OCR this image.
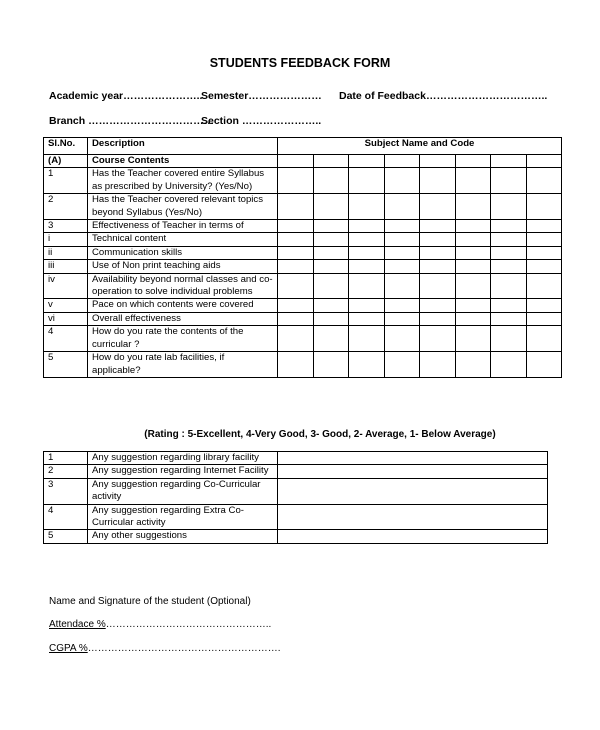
STUDENTS FEEDBACK FORM
Academic year…………………..
Semester………………… Date of Feedback……………………………..
Branch ………………………………
Section …………………..
Sl.No.	Description	Subject Name and Code							
(A)	Course Contents								
1	Has the Teacher covered entire Syllabus as prescribed by University? (Yes/No)								
2	Has the Teacher covered relevant topics beyond Syllabus (Yes/No)								
3	Effectiveness of Teacher in terms of								
i	Technical content								
ii	Communication skills								
iii	Use of Non print teaching aids								
iv	Availability beyond normal classes and co-operation to solve individual problems								
v	Pace on which contents were covered								
vi	Overall effectiveness								
4	How do you rate the contents of the curricular ?								
5	How do you rate lab facilities, if applicable?								
(Rating : 5-Excellent, 4-Very Good, 3- Good, 2- Average, 1- Below Average)
1	Any suggestion regarding library facility	
2	Any suggestion regarding Internet Facility	
3	Any suggestion regarding Co-Curricular activity	
4	Any suggestion regarding Extra Co-Curricular activity	
5	Any other suggestions	
Name and Signature of the student (Optional)
Attendace %…………………………………………..
CGPA %………………………………………………….
